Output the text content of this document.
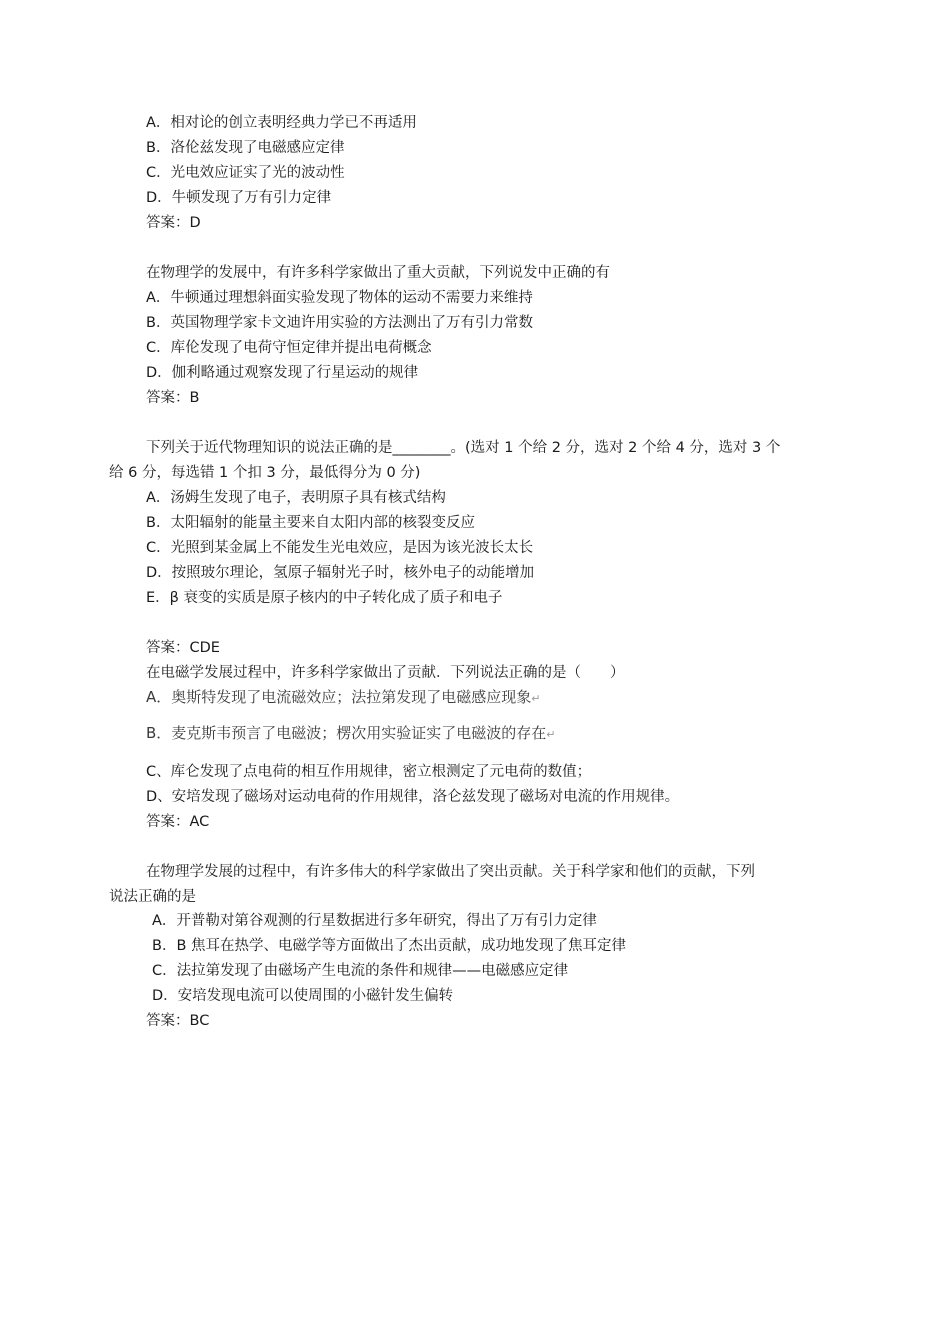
A．相对论的创立表明经典力学已不再适用
B．洛伦兹发现了电磁感应定律
C．光电效应证实了光的波动性
D．牛顿发现了万有引力定律
答案：D
在物理学的发展中，有许多科学家做出了重大贡献，下列说发中正确的有
A．牛顿通过理想斜面实验发现了物体的运动不需要力来维持
B．英国物理学家卡文迪许用实验的方法测出了万有引力常数
C．库伦发现了电荷守恒定律并提出电荷概念
D．伽利略通过观察发现了行星运动的规律
答案：B
下列关于近代物理知识的说法正确的是________。(选对 1 个给 2 分，选对 2 个给 4 分，选对 3 个
给 6 分，每选错 1 个扣 3 分，最低得分为 0 分)
A．汤姆生发现了电子，表明原子具有核式结构
B．太阳辐射的能量主要来自太阳内部的核裂变反应
C．光照到某金属上不能发生光电效应，是因为该光波长太长
D．按照玻尔理论，氢原子辐射光子时，核外电子的动能增加
E．β 衰变的实质是原子核内的中子转化成了质子和电子
答案：CDE
在电磁学发展过程中，许多科学家做出了贡献．下列说法正确的是（　　）
A．奥斯特发现了电流磁效应；法拉第发现了电磁感应现象↵
B．麦克斯韦预言了电磁波；楞次用实验证实了电磁波的存在↵
C、库仑发现了点电荷的相互作用规律，密立根测定了元电荷的数值；
D、安培发现了磁场对运动电荷的作用规律，洛仑兹发现了磁场对电流的作用规律。
答案：AC
在物理学发展的过程中，有许多伟大的科学家做出了突出贡献。关于科学家和他们的贡献，下列
说法正确的是
A．开普勒对第谷观测的行星数据进行多年研究，得出了万有引力定律
B．B 焦耳在热学、电磁学等方面做出了杰出贡献，成功地发现了焦耳定律
C．法拉第发现了由磁场产生电流的条件和规律——电磁感应定律
D．安培发现电流可以使周围的小磁针发生偏转
答案：BC
